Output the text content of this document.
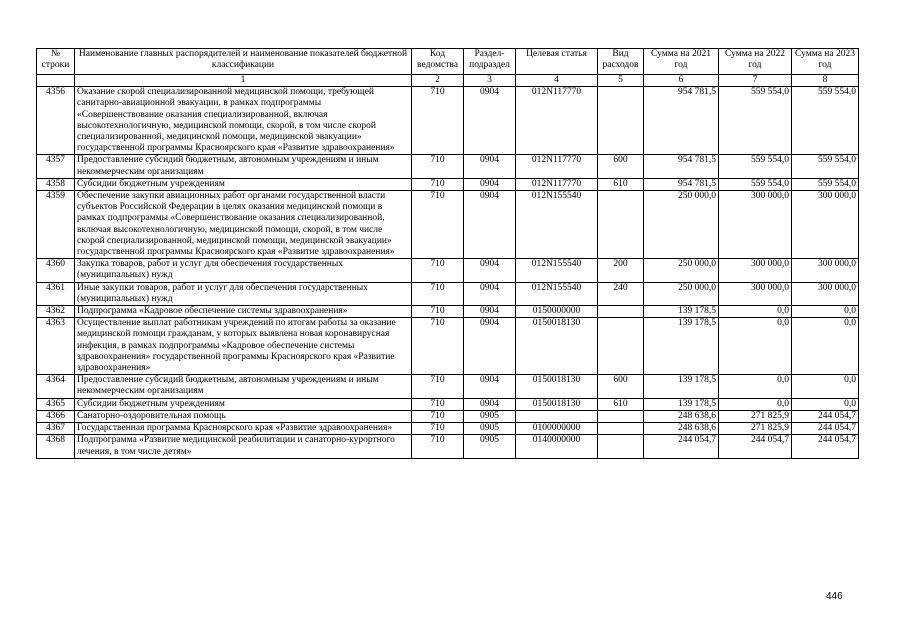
№ строки	Наименование главных распорядителей и наименование показателей бюджетной классификации	Код ведомства	Раздел-подраздел	Целевая статья	Вид расходов	Сумма на 2021 год	Сумма на 2022 год	Сумма на 2023 год
	1	2	3	4	5	6	7	8
4356	Оказание скорой специализированной медицинской помощи, требующей санитарно-авиационной эвакуации, в рамках подпрограммы «Совершенствование оказания специализированной, включая высокотехнологичную, медицинской помощи, скорой, в том числе скорой специализированной, медицинской помощи, медицинской эвакуации» государственной программы Красноярского края «Развитие здравоохранения»	710	0904	012N117770		954 781,5	559 554,0	559 554,0
4357	Предоставление субсидий бюджетным, автономным учреждениям и иным некоммерческим организациям	710	0904	012N117770	600	954 781,5	559 554,0	559 554,0
4358	Субсидии бюджетным учреждениям	710	0904	012N117770	610	954 781,5	559 554,0	559 554,0
4359	Обеспечение закупки авиационных работ органами государственной власти субъектов Российской Федерации в целях оказания медицинской помощи в рамках подпрограммы «Совершенствование оказания специализированной, включая высокотехнологичную, медицинской помощи, скорой, в том числе скорой специализированной, медицинской помощи, медицинской эвакуации» государственной программы Красноярского края «Развитие здравоохранения»	710	0904	012N155540		250 000,0	300 000,0	300 000,0
4360	Закупка товаров, работ и услуг для обеспечения государственных (муниципальных) нужд	710	0904	012N155540	200	250 000,0	300 000,0	300 000,0
4361	Иные закупки товаров, работ и услуг для обеспечения государственных (муниципальных) нужд	710	0904	012N155540	240	250 000,0	300 000,0	300 000,0
4362	Подпрограмма «Кадровое обеспечение системы здравоохранения»	710	0904	0150000000		139 178,5	0,0	0,0
4363	Осуществление выплат работникам учреждений по итогам работы за оказание медицинской помощи гражданам, у которых выявлена новая коронавирусная инфекция, в рамках подпрограммы «Кадровое обеспечение системы здравоохранения» государственной программы Красноярского края «Развитие здравоохранения»	710	0904	0150018130		139 178,5	0,0	0,0
4364	Предоставление субсидий бюджетным, автономным учреждениям и иным некоммерческим организациям	710	0904	0150018130	600	139 178,5	0,0	0,0
4365	Субсидии бюджетным учреждениям	710	0904	0150018130	610	139 178,5	0,0	0,0
4366	Санаторно-оздоровительная помощь	710	0905			248 638,6	271 825,9	244 054,7
4367	Государственная программа Красноярского края «Развитие здравоохранения»	710	0905	0100000000		248 638,6	271 825,9	244 054,7
4368	Подпрограмма «Развитие медицинской реабилитации и санаторно-курортного лечения, в том числе детям»	710	0905	0140000000		244 054,7	244 054,7	244 054,7
446
